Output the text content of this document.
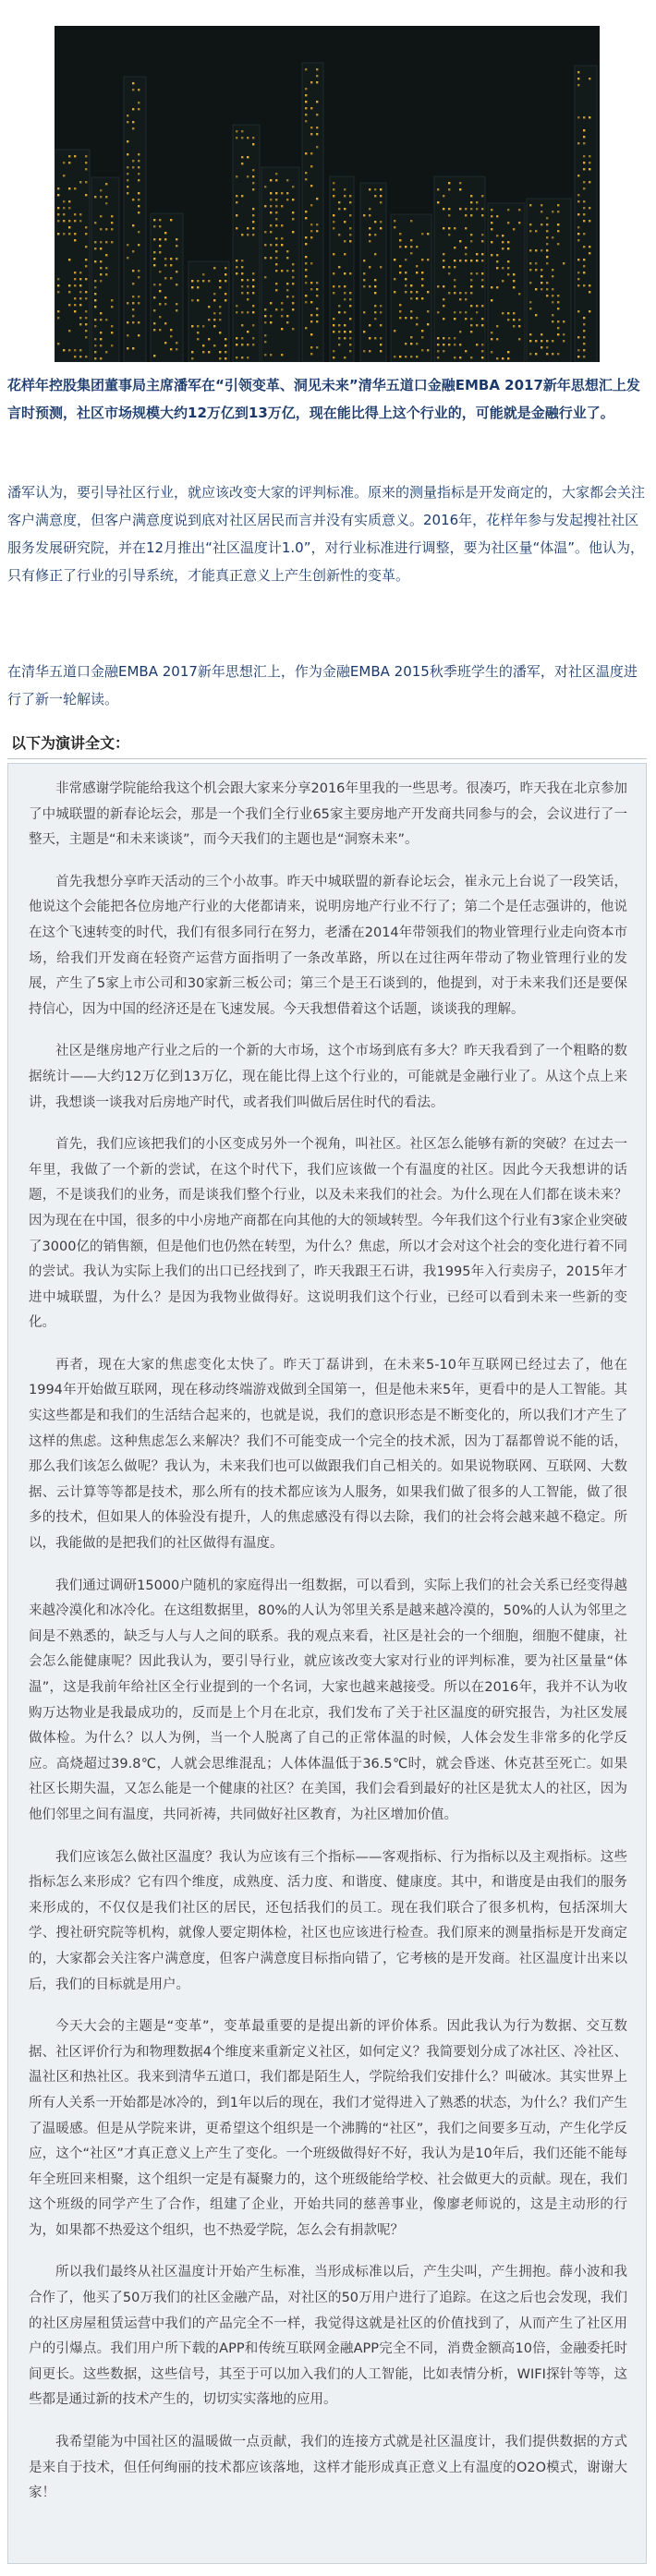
花样年控股集团董事局主席潘军在“引领变革、洞见未来”清华五道口金融EMBA 2017新年思想汇上发言时预测，社区市场规模大约12万亿到13万亿，现在能比得上这个行业的，可能就是金融行业了。
潘军认为，要引导社区行业，就应该改变大家的评判标准。原来的测量指标是开发商定的，大家都会关注客户满意度，但客户满意度说到底对社区居民而言并没有实质意义。2016年，花样年参与发起搜社社区服务发展研究院，并在12月推出“社区温度计1.0”，对行业标准进行调整，要为社区量“体温”。他认为，只有修正了行业的引导系统，才能真正意义上产生创新性的变革。
在清华五道口金融EMBA 2017新年思想汇上，作为金融EMBA 2015秋季班学生的潘军，对社区温度进行了新一轮解读。
以下为演讲全文：

非常感谢学院能给我这个机会跟大家来分享2016年里我的一些思考。很凑巧，昨天我在北京参加了中城联盟的新春论坛会，那是一个我们全行业65家主要房地产开发商共同参与的会，会议进行了一整天，主题是“和未来谈谈”，而今天我们的主题也是“洞察未来”。

首先我想分享昨天活动的三个小故事。昨天中城联盟的新春论坛会，崔永元上台说了一段笑话，他说这个会能把各位房地产行业的大佬都请来，说明房地产行业不行了；第二个是任志强讲的，他说在这个飞速转变的时代，我们有很多同行在努力，老潘在2014年带领我们的物业管理行业走向资本市场，给我们开发商在轻资产运营方面指明了一条改革路，所以在过往两年带动了物业管理行业的发展，产生了5家上市公司和30家新三板公司；第三个是王石谈到的，他提到，对于未来我们还是要保持信心，因为中国的经济还是在飞速发展。今天我想借着这个话题，谈谈我的理解。

社区是继房地产行业之后的一个新的大市场，这个市场到底有多大？昨天我看到了一个粗略的数据统计——大约12万亿到13万亿，现在能比得上这个行业的，可能就是金融行业了。从这个点上来讲，我想谈一谈我对后房地产时代，或者我们叫做后居住时代的看法。

首先，我们应该把我们的小区变成另外一个视角，叫社区。社区怎么能够有新的突破？在过去一年里，我做了一个新的尝试，在这个时代下，我们应该做一个有温度的社区。因此今天我想讲的话题，不是谈我们的业务，而是谈我们整个行业，以及未来我们的社会。为什么现在人们都在谈未来？因为现在在中国，很多的中小房地产商都在向其他的大的领域转型。今年我们这个行业有3家企业突破了3000亿的销售额，但是他们也仍然在转型，为什么？焦虑，所以才会对这个社会的变化进行着不同的尝试。我认为实际上我们的出口已经找到了，昨天我跟王石讲，我1995年入行卖房子，2015年才进中城联盟，为什么？是因为我物业做得好。这说明我们这个行业，已经可以看到未来一些新的变化。

再者，现在大家的焦虑变化太快了。昨天丁磊讲到，在未来5-10年互联网已经过去了，他在1994年开始做互联网，现在移动终端游戏做到全国第一，但是他未来5年，更看中的是人工智能。其实这些都是和我们的生活结合起来的，也就是说，我们的意识形态是不断变化的，所以我们才产生了这样的焦虑。这种焦虑怎么来解决？我们不可能变成一个完全的技术派，因为丁磊都曾说不能的话，那么我们该怎么做呢？我认为，未来我们也可以做跟我们自己相关的。如果说物联网、互联网、大数据、云计算等等都是技术，那么所有的技术都应该为人服务，如果我们做了很多的人工智能，做了很多的技术，但如果人的体验没有提升，人的焦虑感没有得以去除，我们的社会将会越来越不稳定。所以，我能做的是把我们的社区做得有温度。

我们通过调研15000户随机的家庭得出一组数据，可以看到，实际上我们的社会关系已经变得越来越冷漠化和冰冷化。在这组数据里，80%的人认为邻里关系是越来越冷漠的，50%的人认为邻里之间是不熟悉的，缺乏与人与人之间的联系。我的观点来看，社区是社会的一个细胞，细胞不健康，社会怎么能健康呢？因此我认为，要引导行业，就应该改变大家对行业的评判标准，要为社区量量“体温”，这是我前年给社区全行业提到的一个名词，大家也越来越接受。所以在2016年，我并不认为收购万达物业是我最成功的，反而是上个月在北京，我们发布了关于社区温度的研究报告，为社区发展做体检。为什么？以人为例，当一个人脱离了自己的正常体温的时候，人体会发生非常多的化学反应。高烧超过39.8℃，人就会思维混乱；人体体温低于36.5℃时，就会昏迷、休克甚至死亡。如果社区长期失温，又怎么能是一个健康的社区？在美国，我们会看到最好的社区是犹太人的社区，因为他们邻里之间有温度，共同祈祷，共同做好社区教育，为社区增加价值。

我们应该怎么做社区温度？我认为应该有三个指标——客观指标、行为指标以及主观指标。这些指标怎么来形成？它有四个维度，成熟度、活力度、和谐度、健康度。其中，和谐度是由我们的服务来形成的，不仅仅是我们社区的居民，还包括我们的员工。现在我们联合了很多机构，包括深圳大学、搜社研究院等机构，就像人要定期体检，社区也应该进行检查。我们原来的测量指标是开发商定的，大家都会关注客户满意度，但客户满意度目标指向错了，它考核的是开发商。社区温度计出来以后，我们的目标就是用户。

今天大会的主题是“变革”，变革最重要的是提出新的评价体系。因此我认为行为数据、交互数据、社区评价行为和物理数据4个维度来重新定义社区，如何定义？我简要划分成了冰社区、冷社区、温社区和热社区。我来到清华五道口，我们都是陌生人，学院给我们安排什么？叫破冰。其实世界上所有人关系一开始都是冰冷的，到1年以后的现在，我们才觉得进入了熟悉的状态，为什么？我们产生了温暖感。但是从学院来讲，更希望这个组织是一个沸腾的“社区”，我们之间要多互动，产生化学反应，这个“社区”才真正意义上产生了变化。一个班级做得好不好，我认为是10年后，我们还能不能每年全班回来相聚，这个组织一定是有凝聚力的，这个班级能给学校、社会做更大的贡献。现在，我们这个班级的同学产生了合作，组建了企业，开始共同的慈善事业，像廖老师说的，这是主动形的行为，如果都不热爱这个组织，也不热爱学院，怎么会有捐款呢？

所以我们最终从社区温度计开始产生标准，当形成标准以后，产生尖叫，产生拥抱。薛小波和我合作了，他买了50万我们的社区金融产品，对社区的50万用户进行了追踪。在这之后也会发现，我们的社区房屋租赁运营中我们的产品完全不一样，我觉得这就是社区的价值找到了，从而产生了社区用户的引爆点。我们用户所下载的APP和传统互联网金融APP完全不同，消费金额高10倍，金融委托时间更长。这些数据，这些信号，其至于可以加入我们的人工智能，比如表情分析，WIFI探针等等，这些都是通过新的技术产生的，切切实实落地的应用。

我希望能为中国社区的温暖做一点贡献，我们的连接方式就是社区温度计，我们提供数据的方式是来自于技术，但任何绚丽的技术都应该落地，这样才能形成真正意义上有温度的O2O模式，谢谢大家！
